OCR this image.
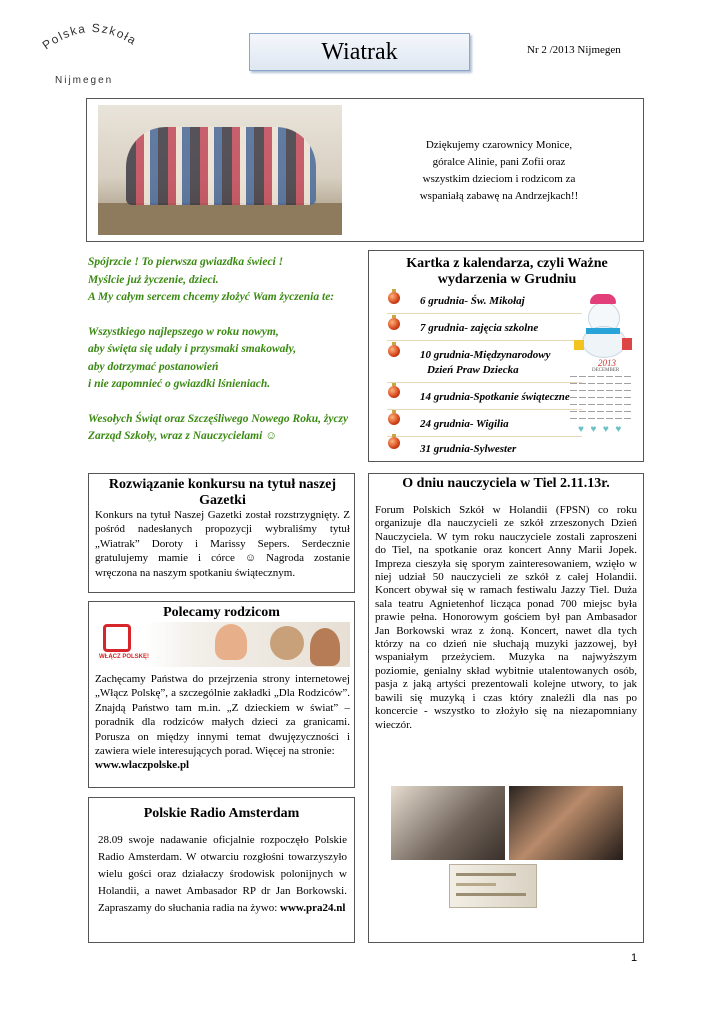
Polska Szkoła
Nijmegen
Wiatrak	Nr 2 /2013 Nijmegen
Dziękujemy czarownicy Monice,
góralce Alinie, pani Zofii oraz
wszystkim dzieciom i rodzicom za
wspaniałą zabawę na Andrzejkach!!
Spójrzcie ! To pierwsza gwiazdka świeci !
Myślcie już życzenie, dzieci.
A My całym sercem chcemy złożyć Wam życzenia te:
Wszystkiego najlepszego w roku nowym,
aby święta się udały i przysmaki smakowały,
aby dotrzymać postanowień
i nie zapomnieć o gwiazdki lśnieniach.
Wesołych Świąt oraz Szczęśliwego Nowego Roku, życzy
Zarząd Szkoły, wraz z Nauczycielami ☺
Kartka z kalendarza, czyli Ważne wydarzenia w Grudniu
6 grudnia- Św. Mikołaj
7 grudnia- zajęcia szkolne
10 grudnia-Międzynarodowy
Dzień Praw Dziecka
14 grudnia-Spotkanie świąteczne
24 grudnia- Wigilia
31 grudnia-Sylwester
2013
DECEMBER
♥ ♥ ♥ ♥
Rozwiązanie konkursu na tytuł naszej Gazetki
Konkurs na tytuł Naszej Gazetki został rozstrzygnięty. Z pośród nadesłanych propozycji wybraliśmy tytuł „Wiatrak” Doroty i Marissy Sepers. Serdecznie gratulujemy mamie i córce ☺ Nagroda zostanie wręczona na naszym spotkaniu świątecznym.
Polecamy rodzicom
WŁĄCZ POLSKĘ!
Zachęcamy Państwa do przejrzenia strony internetowej „Włącz Polskę”, a szczególnie zakładki „Dla Rodziców”. Znajdą Państwo tam m.in. „Z dzieckiem w świat” – poradnik dla rodziców małych dzieci za granicami. Porusza on między innymi temat dwujęzyczności i zawiera wiele interesujących porad. Więcej na stronie:
www.wlaczpolske.pl
Polskie Radio Amsterdam
28.09 swoje nadawanie oficjalnie rozpoczęło Polskie Radio Amsterdam. W otwarciu rozgłośni towarzyszyło wielu gości oraz działaczy środowisk polonijnych w Holandii, a nawet Ambasador RP dr Jan Borkowski. Zapraszamy do słuchania radia na żywo: www.pra24.nl
O dniu nauczyciela w Tiel 2.11.13r.
Forum Polskich Szkół w Holandii (FPSN) co roku organizuje dla nauczycieli ze szkół zrzeszonych Dzień Nauczyciela. W tym roku nauczyciele zostali zaproszeni do Tiel, na spotkanie oraz koncert Anny Marii Jopek. Impreza cieszyła się sporym zainteresowaniem, wzięło w niej udział 50 nauczycieli ze szkół z całej Holandii. Koncert obywał się w ramach festiwalu Jazzy Tiel. Duża sala teatru Agnietenhof licząca ponad 700 miejsc była prawie pełna. Honorowym gościem był pan Ambasador Jan Borkowski wraz z żoną. Koncert, nawet dla tych którzy na co dzień nie słuchają muzyki jazzowej, był wspaniałym przeżyciem. Muzyka na najwyższym poziomie, genialny skład wybitnie utalentowanych osób, pasja z jaką artyści prezentowali kolejne utwory, to jak bawili się muzyką i czas który znaleźli dla nas po koncercie - wszystko to złożyło się na niezapomniany wieczór.
1
